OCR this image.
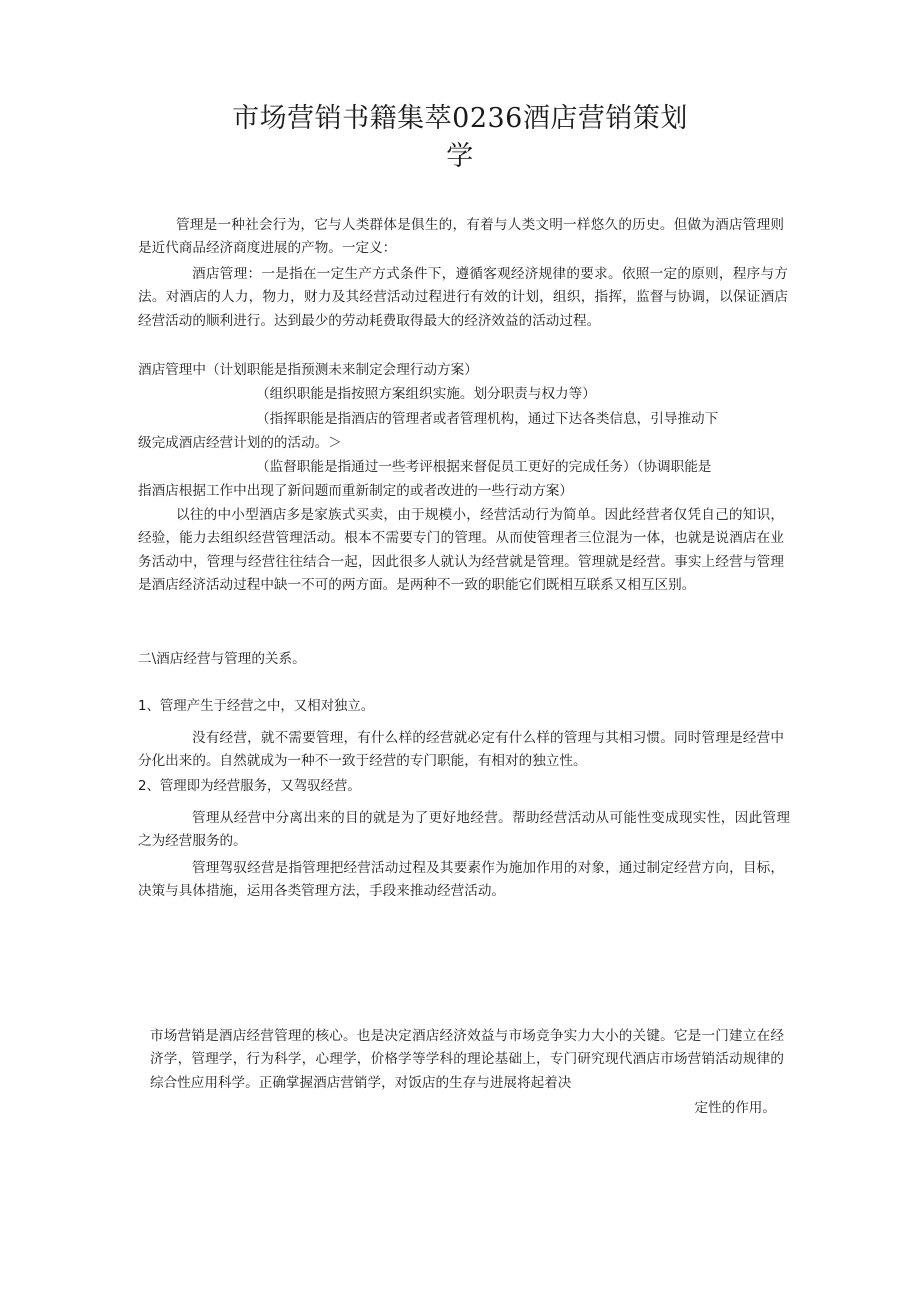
市场营销书籍集萃0236酒店营销策划
学

管理是一种社会行为，它与人类群体是俱生的，有着与人类文明一样悠久的历史。但做为酒店管理则是近代商品经济商度进展的产物。一定义：

酒店管理：一是指在一定生产方式条件下，遵循客观经济规律的要求。依照一定的原则，程序与方法。对酒店的人力，物力，财力及其经营活动过程进行有效的计划，组织，指挥，监督与协调，以保证酒店经营活动的顺利进行。达到最少的劳动耗费取得最大的经济效益的活动过程。

酒店管理中（计划职能是指预测未来制定会理行动方案）

（组织职能是指按照方案组织实施。划分职责与权力等）

（指挥职能是指酒店的管理者或者管理机构，通过下达各类信息，引导推动下

级完成酒店经营计划的的活动。＞

（监督职能是指通过一些考评根据来督促员工更好的完成任务）（协调职能是

指酒店根据工作中出现了新问题而重新制定的或者改进的一些行动方案）

以往的中小型酒店多是家族式买卖，由于规模小，经营活动行为简单。因此经营者仅凭自己的知识，经验，能力去组织经营管理活动。根本不需要专门的管理。从而使管理者三位混为一体，也就是说酒店在业务活动中，管理与经营往往结合一起，因此很多人就认为经营就是管理。管理就是经营。事实上经营与管理是酒店经济活动过程中缺一不可的两方面。是两种不一致的职能它们既相互联系又相互区别。

二\酒店经营与管理的关系。

1、管理产生于经营之中，又相对独立。

没有经营，就不需要管理，有什么样的经营就必定有什么样的管理与其相习惯。同时管理是经营中分化出来的。自然就成为一种不一致于经营的专门职能，有相对的独立性。

2、管理即为经营服务，又驾驭经营。

管理从经营中分离出来的目的就是为了更好地经营。帮助经营活动从可能性变成现实性，因此管理之为经营服务的。

管理驾驭经营是指管理把经营活动过程及其要素作为施加作用的对象，通过制定经营方向，目标，决策与具体措施，运用各类管理方法，手段来推动经营活动。

市场营销是酒店经营管理的核心。也是决定酒店经济效益与市场竞争实力大小的关键。它是一门建立在经济学，管理学，行为科学，心理学，价格学等学科的理论基础上，专门研究现代酒店市场营销活动规律的综合性应用科学。正确掌握酒店营销学，对饭店的生存与进展将起着决

定性的作用。
